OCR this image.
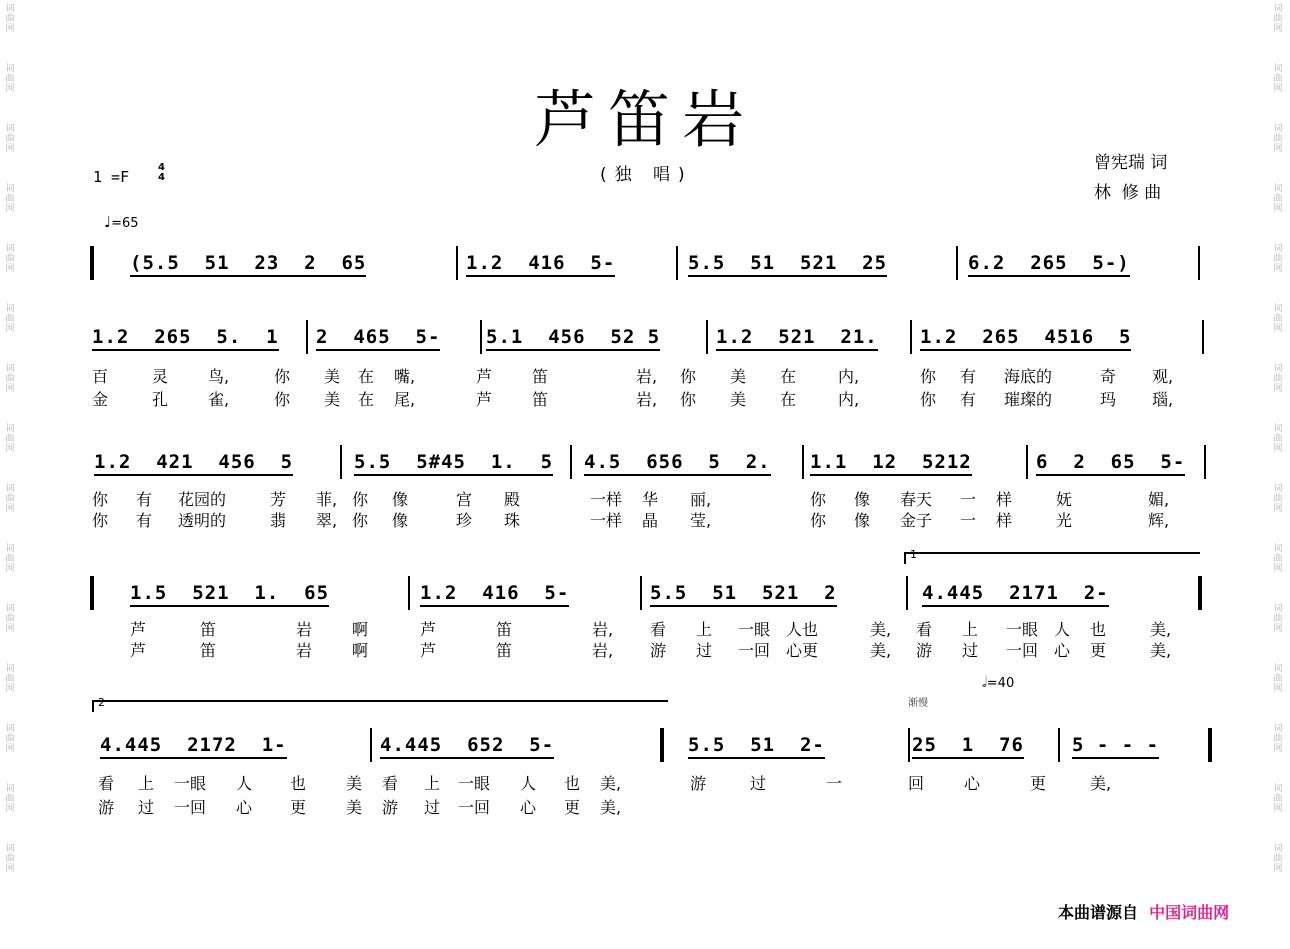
词
曲
网
词
曲
网
词
曲
网
词
曲
网
词
曲
网
词
曲
网
词
曲
网
词
曲
网
词
曲
网
词
曲
网
词
曲
网
词
曲
网
词
曲
网
词
曲
网
词
曲
网
词
曲
网
词
曲
网
词
曲
网
词
曲
网
词
曲
网
词
曲
网
词
曲
网
词
曲
网
词
曲
网
词
曲
网
词
曲
网
词
曲
网
词
曲
网
词
曲
网
词
曲
网
芦笛岩
(独 唱)
曾宪瑞 词
林  修 曲
1 =F
4
4
♩=65
𝅗𝅥=40
渐慢
(5.5  51  23  2  65	1.2  416  5-	5.5  51  521  25	6.2  265  5-)
1.2  265  5.  1 2  465  5- 5.1  456  52 5	1.2  521  21. 1.2  265  4516  5
百	灵 鸟,	你 美 在 嘴,	芦 笛	岩, 你 美 在	内,	你 有 海底的	奇 观,
金	孔 雀,	你 美 在 尾,	芦 笛	岩, 你 美 在	内,	你 有 璀璨的	玛 瑙,
1.2  421  456  5	5.5  5#45  1.  5 4.5  656  5  2. 1.1  12  5212	6  2  65  5-
你 有 花园的	芳 菲, 你 像	宫 殿	一样 华 丽,	你 像 春天 一 样	妩	媚,
你 有 透明的	翡 翠, 你 像	珍 珠	一样 晶 莹,	你 像 金子 一 样	光	辉,
1.5  521  1.  65	1.2  416  5-	5.5  51  521  2	4.445  2171  2-
芦	笛	岩 啊	芦	笛	岩, 看 上 一眼 人也	美, 看 上 一眼 人 也	美,
芦	笛	岩 啊	芦	笛	岩, 游 过 一回 心更	美, 游 过 一回 心 更	美,
4.445  2172  1-	4.445  652  5-	5.5  51  2-	25  1  76	5 - - -
看 上 一眼 人 也 美 看 上 一眼 人 也 美,	游	过	一	回 心	更	美,
游 过 一回 心 更 美 游 过 一回 心 更 美,
1
2
本曲谱源自 中国词曲网
